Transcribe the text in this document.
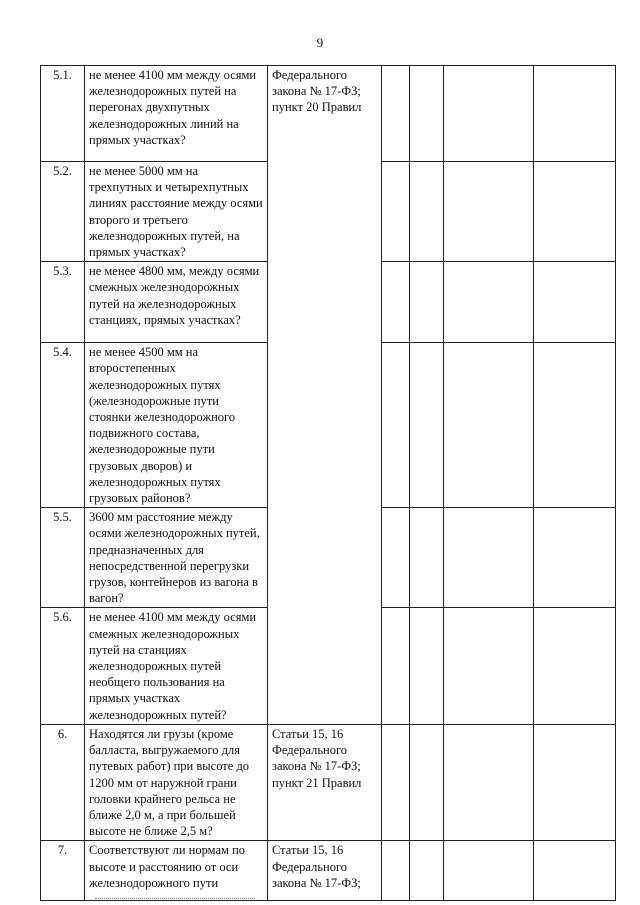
9
5.1.	не менее 4100 мм между осями железнодорожных путей на перегонах двухпутных железнодорожных линий на прямых участках?	Федерального закона № 17-ФЗ; пункт 20 Правил				
5.2.	не менее 5000 мм на трехпутных и четырехпутных линиях расстояние между осями второго и третьего железнодорожных путей, на прямых участках?					
5.3.	не менее 4800 мм, между осями смежных железнодорожных путей на железнодорожных станциях, прямых участках?					
5.4.	не менее 4500 мм на второстепенных железнодорожных путях (железнодорожные пути стоянки железнодорожного подвижного состава, железнодорожные пути грузовых дворов) и железнодорожных путях грузовых районов?					
5.5.	3600 мм расстояние между осями железнодорожных путей, предназначенных для непосредственной перегрузки грузов, контейнеров из вагона в вагон?					
5.6.	не менее 4100 мм между осями смежных железнодорожных путей на станциях железнодорожных путей необщего пользования на прямых участках железнодорожных путей?					
6.	Находятся ли грузы (кроме балласта, выгружаемого для путевых работ) при высоте до 1200 мм от наружной грани головки крайнего рельса не ближе 2,0 м, а при большей высоте не ближе 2,5 м?	Статьи 15, 16 Федерального закона № 17-ФЗ; пункт 21 Правил				
7.	Соответствуют ли нормам по высоте и расстоянию от оси железнодорожного пути	Статьи 15, 16 Федерального закона № 17-ФЗ;				
